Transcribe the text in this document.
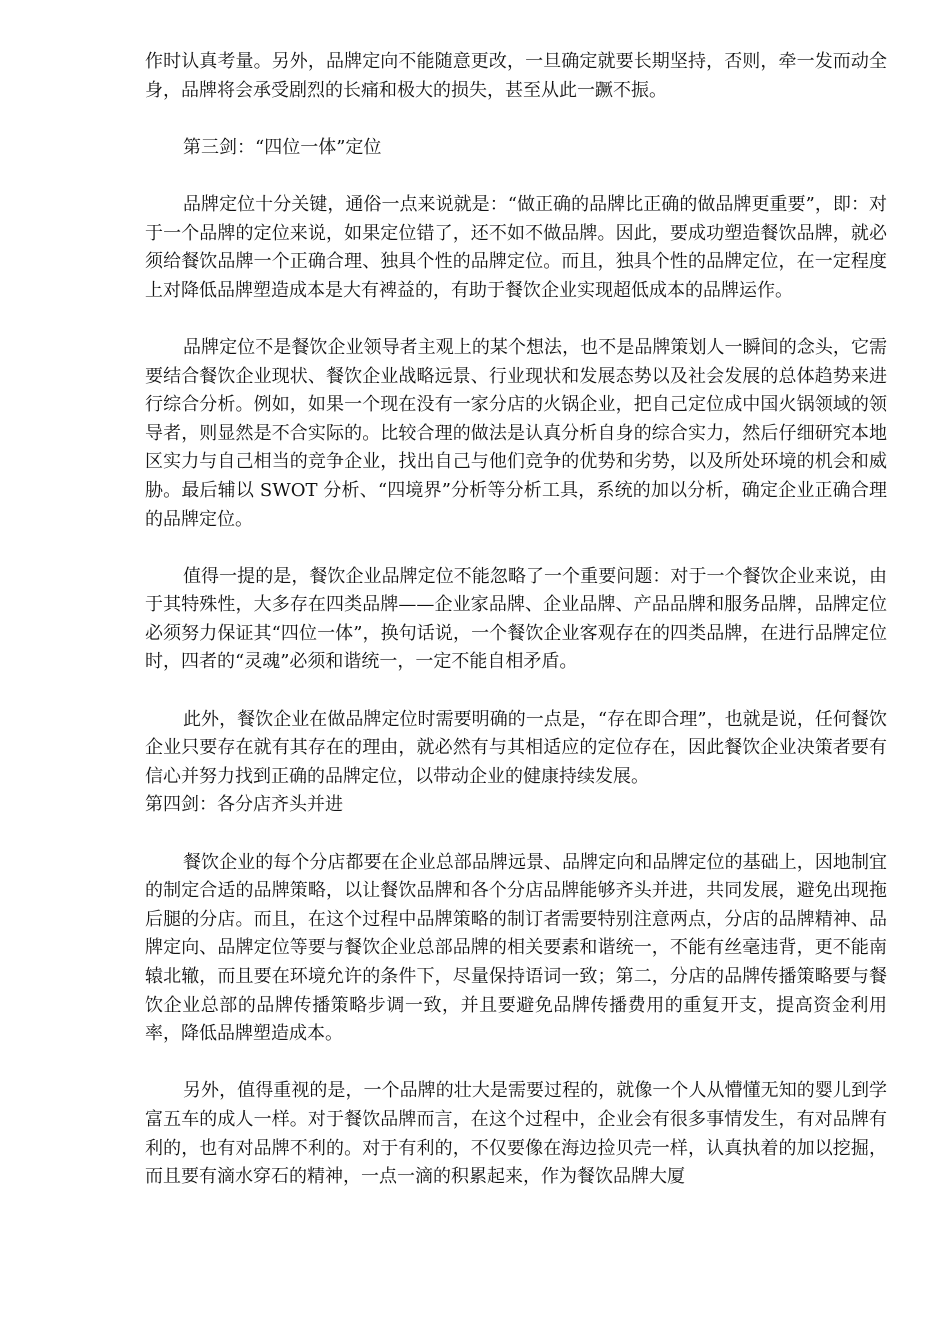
作时认真考量。另外，品牌定向不能随意更改，一旦确定就要长期坚持，否则，牵一发而动全身，品牌将会承受剧烈的长痛和极大的损失，甚至从此一蹶不振。

第三剑：“四位一体”定位

品牌定位十分关键，通俗一点来说就是：“做正确的品牌比正确的做品牌更重要”，即：对于一个品牌的定位来说，如果定位错了，还不如不做品牌。因此，要成功塑造餐饮品牌，就必须给餐饮品牌一个正确合理、独具个性的品牌定位。而且，独具个性的品牌定位，在一定程度上对降低品牌塑造成本是大有裨益的，有助于餐饮企业实现超低成本的品牌运作。

品牌定位不是餐饮企业领导者主观上的某个想法，也不是品牌策划人一瞬间的念头，它需要结合餐饮企业现状、餐饮企业战略远景、行业现状和发展态势以及社会发展的总体趋势来进行综合分析。例如，如果一个现在没有一家分店的火锅企业，把自己定位成中国火锅领域的领导者，则显然是不合实际的。比较合理的做法是认真分析自身的综合实力，然后仔细研究本地区实力与自己相当的竞争企业，找出自己与他们竞争的优势和劣势，以及所处环境的机会和威胁。最后辅以 SWOT 分析、“四境界”分析等分析工具，系统的加以分析，确定企业正确合理的品牌定位。

值得一提的是，餐饮企业品牌定位不能忽略了一个重要问题：对于一个餐饮企业来说，由于其特殊性，大多存在四类品牌——企业家品牌、企业品牌、产品品牌和服务品牌，品牌定位必须努力保证其“四位一体”，换句话说，一个餐饮企业客观存在的四类品牌，在进行品牌定位时，四者的“灵魂”必须和谐统一，一定不能自相矛盾。

此外，餐饮企业在做品牌定位时需要明确的一点是，“存在即合理”，也就是说，任何餐饮企业只要存在就有其存在的理由，就必然有与其相适应的定位存在，因此餐饮企业决策者要有信心并努力找到正确的品牌定位，以带动企业的健康持续发展。

第四剑：各分店齐头并进

餐饮企业的每个分店都要在企业总部品牌远景、品牌定向和品牌定位的基础上，因地制宜的制定合适的品牌策略，以让餐饮品牌和各个分店品牌能够齐头并进，共同发展，避免出现拖后腿的分店。而且，在这个过程中品牌策略的制订者需要特别注意两点，分店的品牌精神、品牌定向、品牌定位等要与餐饮企业总部品牌的相关要素和谐统一，不能有丝毫违背，更不能南辕北辙，而且要在环境允许的条件下，尽量保持语词一致；第二，分店的品牌传播策略要与餐饮企业总部的品牌传播策略步调一致，并且要避免品牌传播费用的重复开支，提高资金利用率，降低品牌塑造成本。

另外，值得重视的是，一个品牌的壮大是需要过程的，就像一个人从懵懂无知的婴儿到学富五车的成人一样。对于餐饮品牌而言，在这个过程中，企业会有很多事情发生，有对品牌有利的，也有对品牌不利的。对于有利的，不仅要像在海边捡贝壳一样，认真执着的加以挖掘，而且要有滴水穿石的精神，一点一滴的积累起来，作为餐饮品牌大厦
